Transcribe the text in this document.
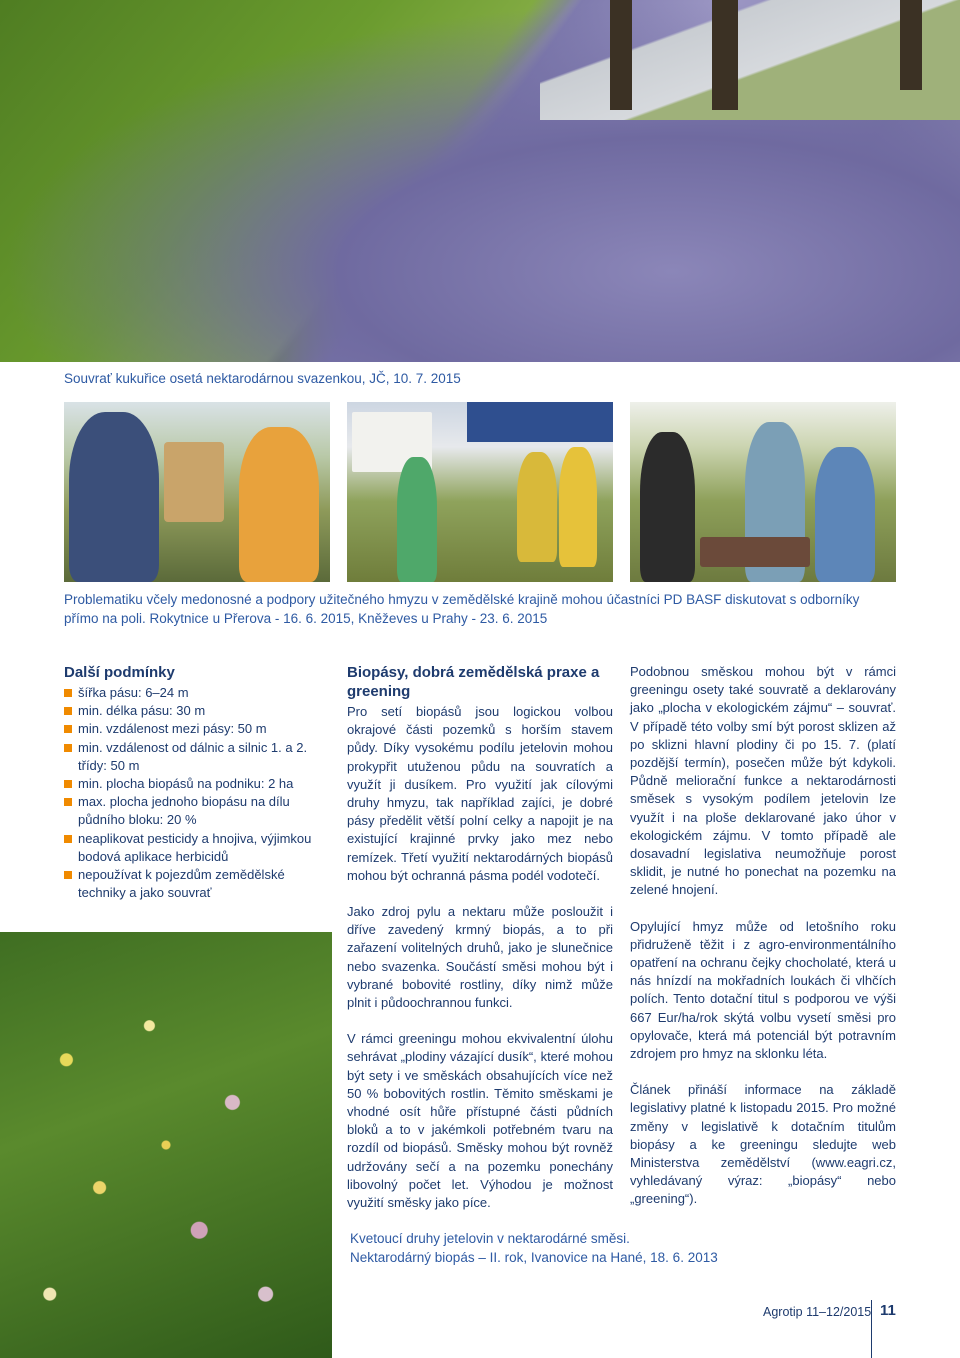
Souvrať kukuřice osetá nektarodárnou svazenkou, JČ, 10. 7. 2015
Problematiku včely medonosné a podpory užitečného hmyzu v zemědělské krajině mohou účastníci PD BASF diskutovat s odborníky
přímo na poli. Rokytnice u Přerova - 16. 6. 2015, Kněževes u Prahy - 23. 6. 2015
Další podmínky
šířka pásu: 6–24 m
min. délka pásu: 30 m
min. vzdálenost mezi pásy: 50 m
min. vzdálenost od dálnic a silnic 1. a 2. třídy: 50 m
min. plocha biopásů na podniku: 2 ha
max. plocha jednoho biopásu na dílu půdního bloku: 20 %
neaplikovat pesticidy a hnojiva, výjimkou bodová aplikace herbicidů
nepoužívat k pojezdům zemědělské techniky a jako souvrať
Biopásy, dobrá zemědělská praxe a greening

Pro setí biopásů jsou logickou volbou okrajové části pozemků s horším stavem půdy. Díky vysokému podílu jetelovin mohou prokypřit utuženou půdu na souvratích a využít ji dusíkem. Pro využití jak cílovými druhy hmyzu, tak například zajíci, je dobré pásy předělit větší polní celky a napojit je na existující krajinné prvky jako mez nebo remízek. Třetí využití nektarodárných biopásů mohou být ochranná pásma podél vodotečí.

Jako zdroj pylu a nektaru může posloužit i dříve zavedený krmný biopás, a to při zařazení volitelných druhů, jako je slunečnice nebo svazenka. Součástí směsi mohou být i vybrané bobovité rostliny, díky nimž může plnit i půdoochrannou funkci.

V rámci greeningu mohou ekvivalentní úlohu sehrávat „plodiny vázající dusík“, které mohou být sety i ve směskách obsahujících více než 50 % bobovitých rostlin. Těmito směskami je vhodné osít hůře přístupné části půdních bloků a to v jakémkoli potřebném tvaru na rozdíl od biopásů. Směsky mohou být rovněž udržovány sečí a na pozemku ponechány libovolný počet let. Výhodou je možnost využití směsky jako píce.

Podobnou směskou mohou být v rámci greeningu osety také souvratě a deklarovány jako „plocha v ekologickém zájmu“ – souvrať. V případě této volby smí být porost sklizen až po sklizni hlavní plodiny či po 15. 7. (platí pozdější termín), posečen může být kdykoli. Půdně meliorační funkce a nektarodárnosti směsek s vysokým podílem jetelovin lze využít i na ploše deklarované jako úhor v ekologickém zájmu. V tomto případě ale dosavadní legislativa neumožňuje porost sklidit, je nutné ho ponechat na pozemku na zelené hnojení.

Opylující hmyz může od letošního roku přidruženě těžit i z agro-environmentálního opatření na ochranu čejky chocholaté, která u nás hnízdí na mokřadních loukách či vlhčích polích. Tento dotační titul s podporou ve výši 667 Eur/ha/rok skýtá volbu vysetí směsi pro opylovače, která má potenciál být potravním zdrojem pro hmyz na sklonku léta.

Článek přináší informace na základě legislativy platné k listopadu 2015. Pro možné změny v legislativě k dotačním titulům biopásy a ke greeningu sledujte web Ministerstva zemědělství (www.eagri.cz, vyhledávaný výraz: „biopásy“ nebo „greening“).

Kvetoucí druhy jetelovin v nektarodárné směsi.
Nektarodárný biopás – II. rok, Ivanovice na Hané, 18. 6. 2013
Agrotip 11–12/2015 11
